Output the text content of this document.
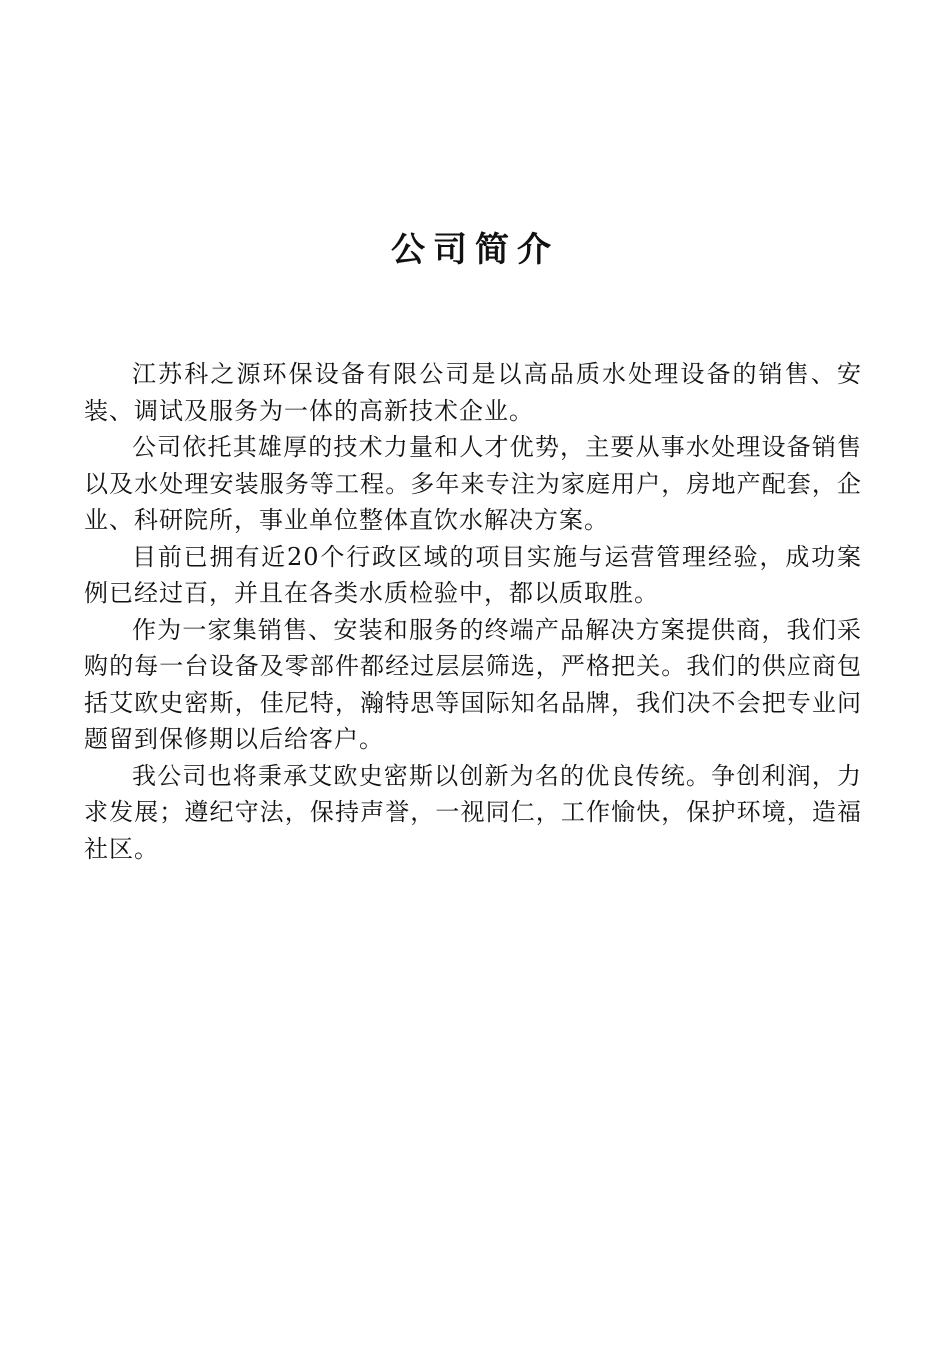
公司简介

江苏科之源环保设备有限公司是以高品质水处理设备的销售、安装、调试及服务为一体的高新技术企业。

公司依托其雄厚的技术力量和人才优势，主要从事水处理设备销售以及水处理安装服务等工程。多年来专注为家庭用户，房地产配套，企业、科研院所，事业单位整体直饮水解决方案。

目前已拥有近20个行政区域的项目实施与运营管理经验，成功案例已经过百，并且在各类水质检验中，都以质取胜。

作为一家集销售、安装和服务的终端产品解决方案提供商，我们采购的每一台设备及零部件都经过层层筛选，严格把关。我们的供应商包括艾欧史密斯，佳尼特，瀚特思等国际知名品牌，我们决不会把专业问题留到保修期以后给客户。

我公司也将秉承艾欧史密斯以创新为名的优良传统。争创利润，力求发展；遵纪守法，保持声誉，一视同仁，工作愉快，保护环境，造福社区。
